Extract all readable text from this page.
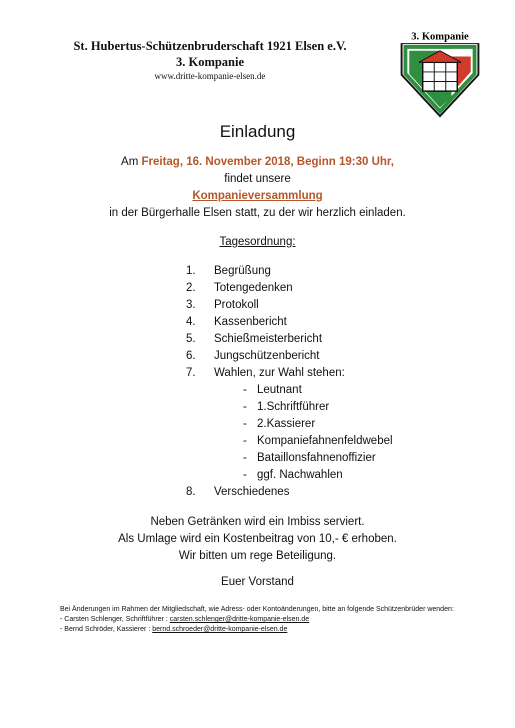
St. Hubertus-Schützenbruderschaft 1921 Elsen e.V.
3. Kompanie
www.dritte-kompanie-elsen.de
3. Kompanie
Einladung
Am Freitag, 16. November 2018, Beginn 19:30 Uhr,
findet unsere
Kompanieversammlung
in der Bürgerhalle Elsen statt, zu der wir herzlich einladen.
Tagesordnung:
1.	Begrüßung
2.	Totengedenken
3.	Protokoll
4.	Kassenbericht
5.	Schießmeisterbericht
6.	Jungschützenbericht
7.	Wahlen, zur Wahl stehen:
- Leutnant
- 1.Schriftführer
- 2.Kassierer
- Kompaniefahnenfeldwebel
- Bataillonsfahnenoffizier
- ggf. Nachwahlen
8.	Verschiedenes
Neben Getränken wird ein Imbiss serviert.
Als Umlage wird ein Kostenbeitrag von 10,- € erhoben.
Wir bitten um rege Beteiligung.
Euer Vorstand
Bei Änderungen im Rahmen der Mitgliedschaft, wie Adress- oder Kontoänderungen, bitte an folgende Schützenbrüder wenden:
- Carsten Schlenger, Schriftführer : carsten.schlenger@dritte-kompanie-elsen.de
- Bernd Schröder, Kassierer : bernd.schroeder@dritte-kompanie-elsen.de
